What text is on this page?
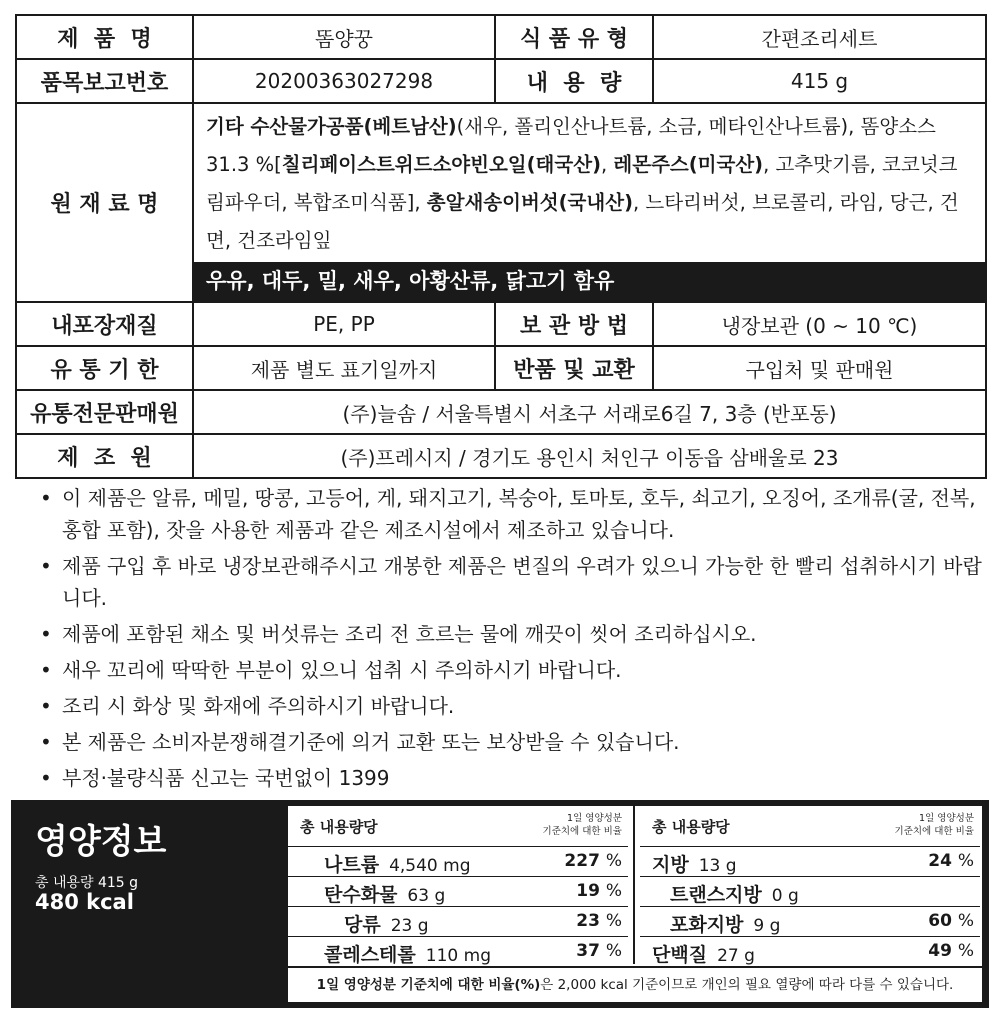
제  품  명	똠양꿍	식 품 유 형	간편조리세트
품목보고번호	20200363027298	내  용  량	415 g
원 재 료 명	기타 수산물가공품(베트남산)(새우, 폴리인산나트륨, 소금, 메타인산나트륨), 똠양소스 31.3 %[칠리페이스트위드소야빈오일(태국산), 레몬주스(미국산), 고추맛기름, 코코넛크림파우더, 복합조미식품], 총알새송이버섯(국내산), 느타리버섯, 브로콜리, 라임, 당근, 건면, 건조라임잎
우유, 대두, 밀, 새우, 아황산류, 닭고기 함유		

내포장재질	PE, PP	보 관 방 법	냉장보관 (0 ~ 10 ℃)
유 통 기 한	제품 별도 표기일까지	반품 및 교환	구입처 및 판매원
유통전문판매원	(주)늘솜 / 서울특별시 서초구 서래로6길 7, 3층 (반포동)		
제  조  원	(주)프레시지 / 경기도 용인시 처인구 이동읍 삼배울로 23		
• 이 제품은 알류, 메밀, 땅콩, 고등어, 게, 돼지고기, 복숭아, 토마토, 호두, 쇠고기, 오징어, 조개류(굴, 전복, 홍합 포함), 잣을 사용한 제품과 같은 제조시설에서 제조하고 있습니다.
• 제품 구입 후 바로 냉장보관해주시고 개봉한 제품은 변질의 우려가 있으니 가능한 한 빨리 섭취하시기 바랍니다.
• 제품에 포함된 채소 및 버섯류는 조리 전 흐르는 물에 깨끗이 씻어 조리하십시오.
• 새우 꼬리에 딱딱한 부분이 있으니 섭취 시 주의하시기 바랍니다.
• 조리 시 화상 및 화재에 주의하시기 바랍니다.
• 본 제품은 소비자분쟁해결기준에 의거 교환 또는 보상받을 수 있습니다.
• 부정·불량식품 신고는 국번없이 1399
영양정보
총 내용량 415 g
480 kcal
총 내용량당	1일 영양성분
기준치에 대한 비율
나트륨 4,540 mg	227 %
탄수화물 63 g	19 %
당류 23 g	23 %
콜레스테롤 110 mg	37 %
총 내용량당	1일 영양성분
기준치에 대한 비율
지방 13 g	24 %
트랜스지방 0 g
포화지방 9 g	60 %
단백질 27 g	49 %
1일 영양성분 기준치에 대한 비율(%)은 2,000 kcal 기준이므로 개인의 필요 열량에 따라 다를 수 있습니다.
